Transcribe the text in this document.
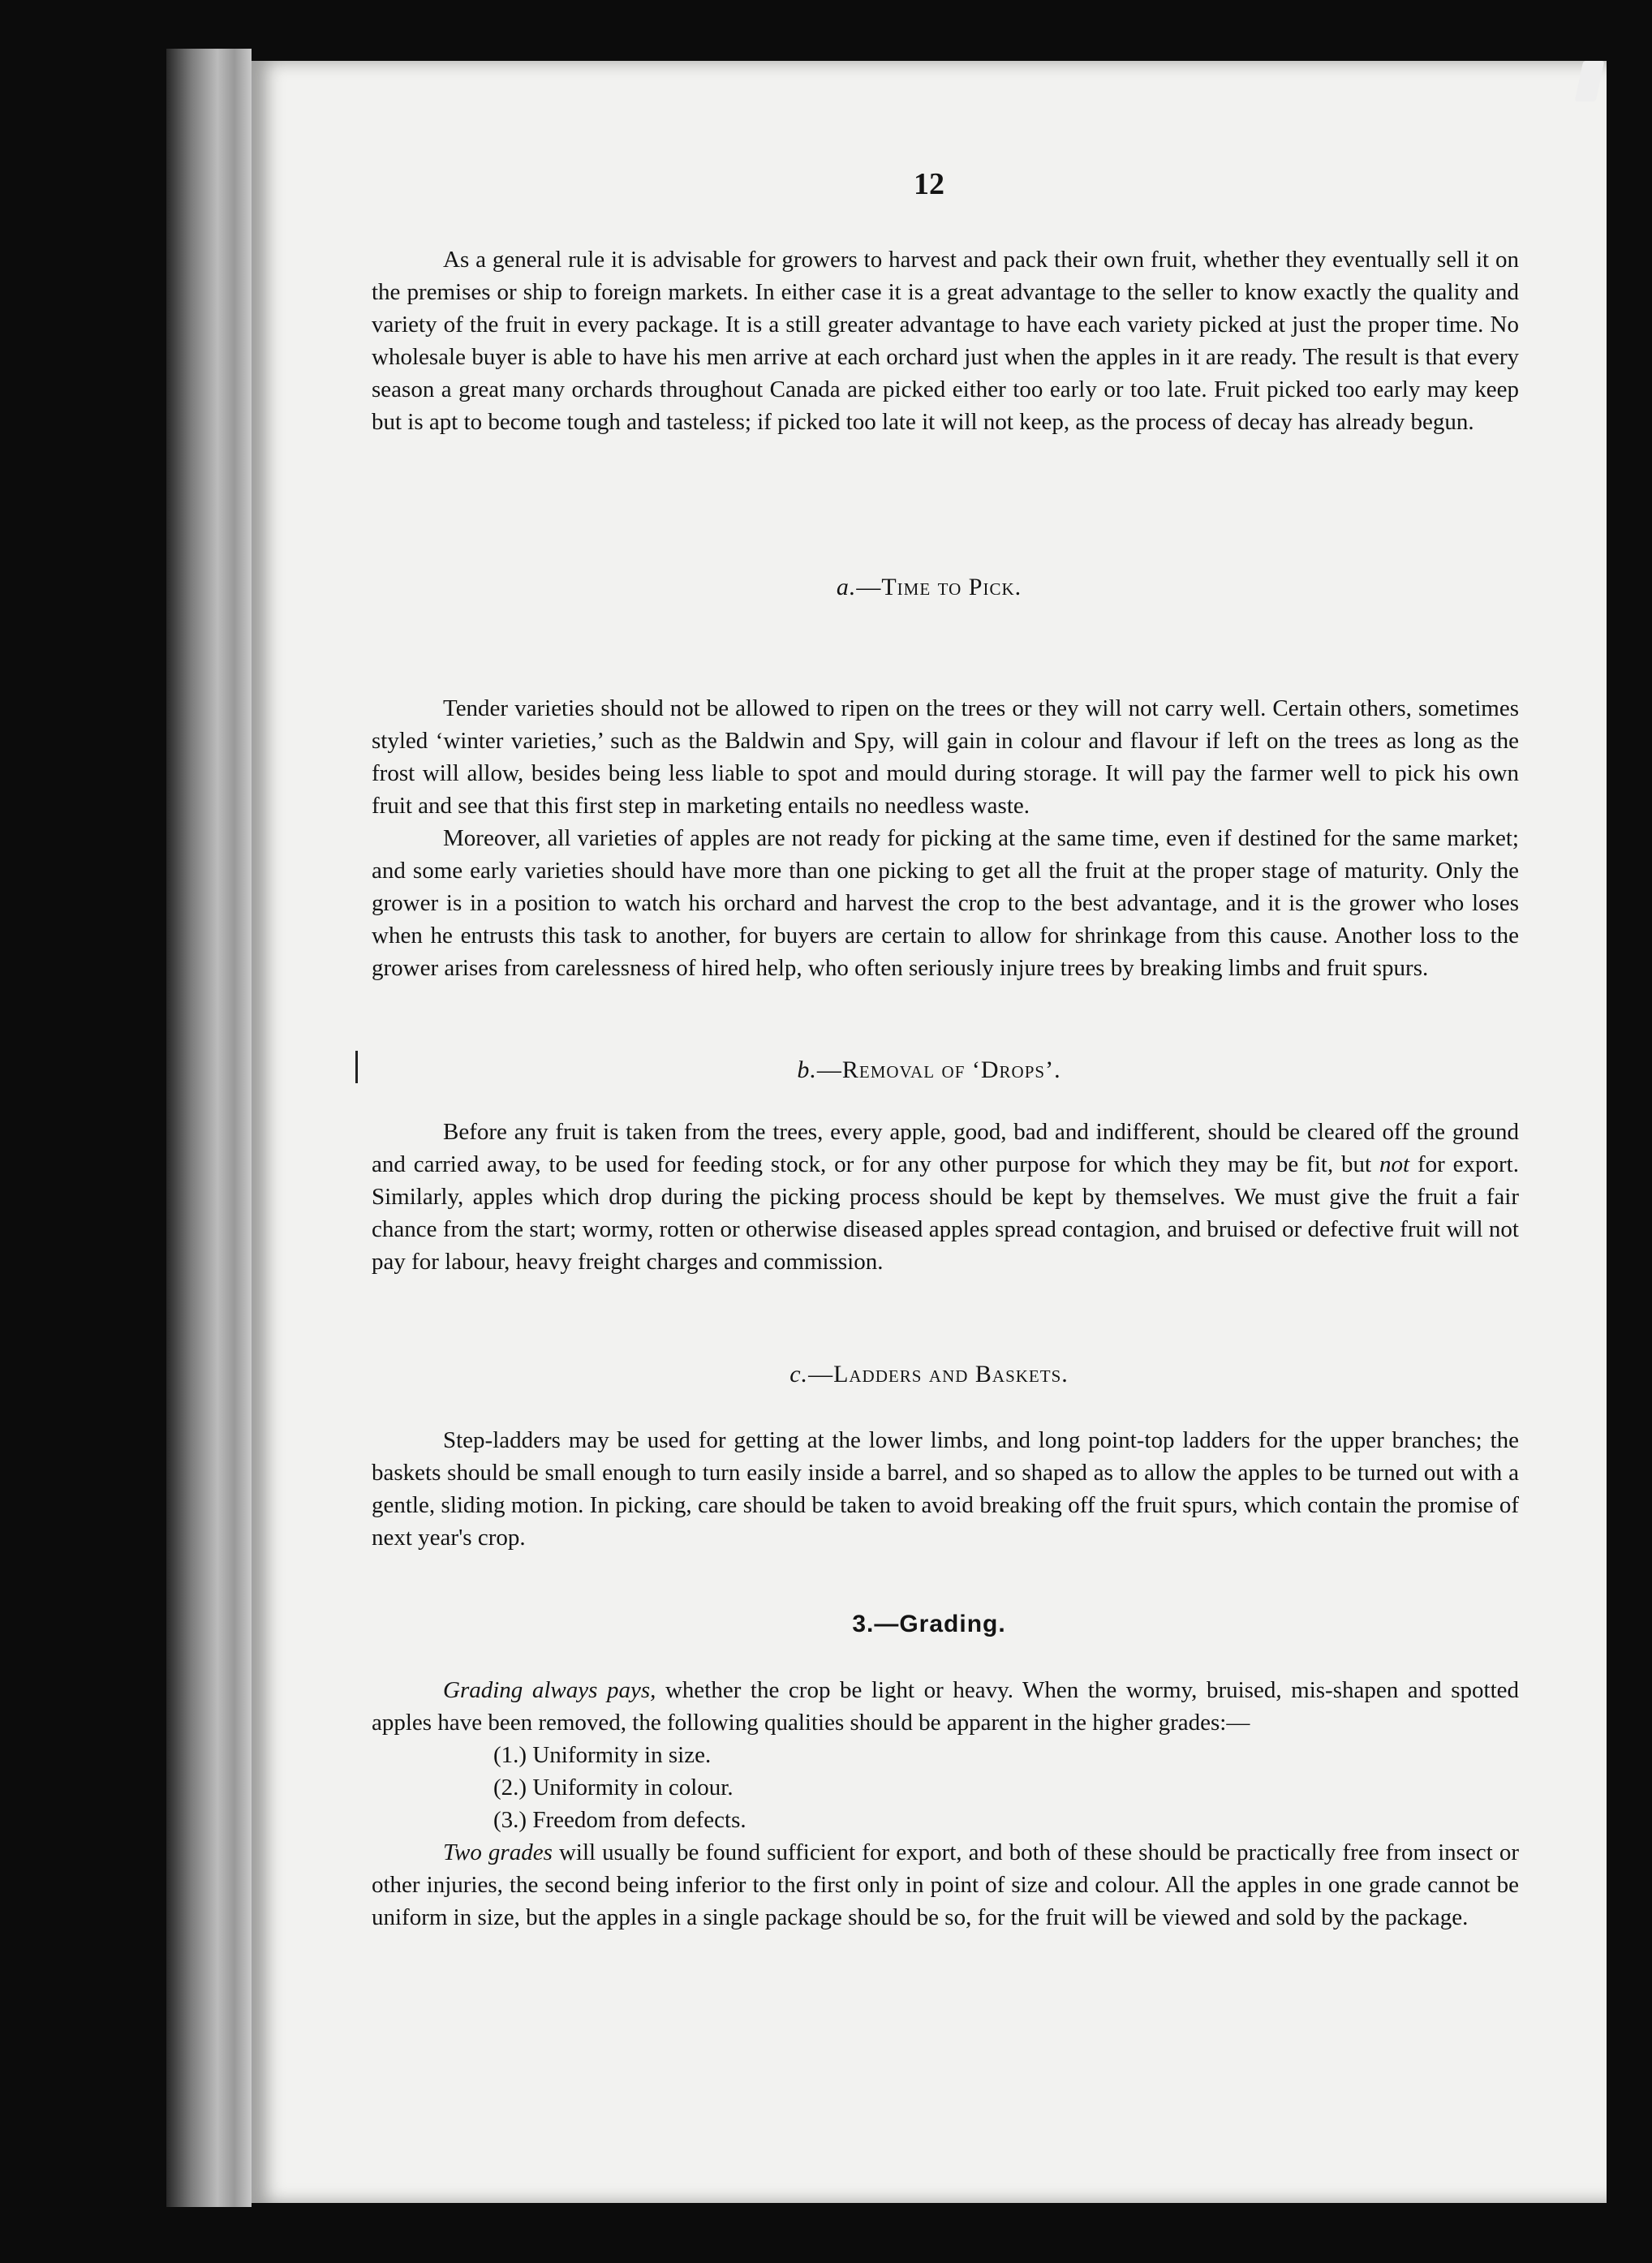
12

As a general rule it is advisable for growers to harvest and pack their own fruit, whether they eventually sell it on the premises or ship to foreign markets. In either case it is a great advantage to the seller to know exactly the quality and variety of the fruit in every package. It is a still greater advantage to have each variety picked at just the proper time. No wholesale buyer is able to have his men arrive at each orchard just when the apples in it are ready. The result is that every season a great many orchards throughout Canada are picked either too early or too late. Fruit picked too early may keep but is apt to become tough and tasteless; if picked too late it will not keep, as the process of decay has already begun.

a.—Time to Pick.

Tender varieties should not be allowed to ripen on the trees or they will not carry well. Certain others, sometimes styled ‘winter varieties,’ such as the Baldwin and Spy, will gain in colour and flavour if left on the trees as long as the frost will allow, besides being less liable to spot and mould during storage. It will pay the farmer well to pick his own fruit and see that this first step in marketing entails no needless waste.

Moreover, all varieties of apples are not ready for picking at the same time, even if destined for the same market; and some early varieties should have more than one picking to get all the fruit at the proper stage of maturity. Only the grower is in a position to watch his orchard and harvest the crop to the best advantage, and it is the grower who loses when he entrusts this task to another, for buyers are certain to allow for shrinkage from this cause. Another loss to the grower arises from carelessness of hired help, who often seriously injure trees by breaking limbs and fruit spurs.

b.—Removal of ‘Drops’.

Before any fruit is taken from the trees, every apple, good, bad and indifferent, should be cleared off the ground and carried away, to be used for feeding stock, or for any other purpose for which they may be fit, but not for export. Similarly, apples which drop during the picking process should be kept by themselves. We must give the fruit a fair chance from the start; wormy, rotten or otherwise diseased apples spread contagion, and bruised or defective fruit will not pay for labour, heavy freight charges and commission.

c.—Ladders and Baskets.

Step-ladders may be used for getting at the lower limbs, and long point-top ladders for the upper branches; the baskets should be small enough to turn easily inside a barrel, and so shaped as to allow the apples to be turned out with a gentle, sliding motion. In picking, care should be taken to avoid breaking off the fruit spurs, which contain the promise of next year's crop.

3.—Grading.

Grading always pays, whether the crop be light or heavy. When the wormy, bruised, mis-shapen and spotted apples have been removed, the following qualities should be apparent in the higher grades:—

(1.) Uniformity in size.
(2.) Uniformity in colour.
(3.) Freedom from defects.

Two grades will usually be found sufficient for export, and both of these should be practically free from insect or other injuries, the second being inferior to the first only in point of size and colour. All the apples in one grade cannot be uniform in size, but the apples in a single package should be so, for the fruit will be viewed and sold by the package.
